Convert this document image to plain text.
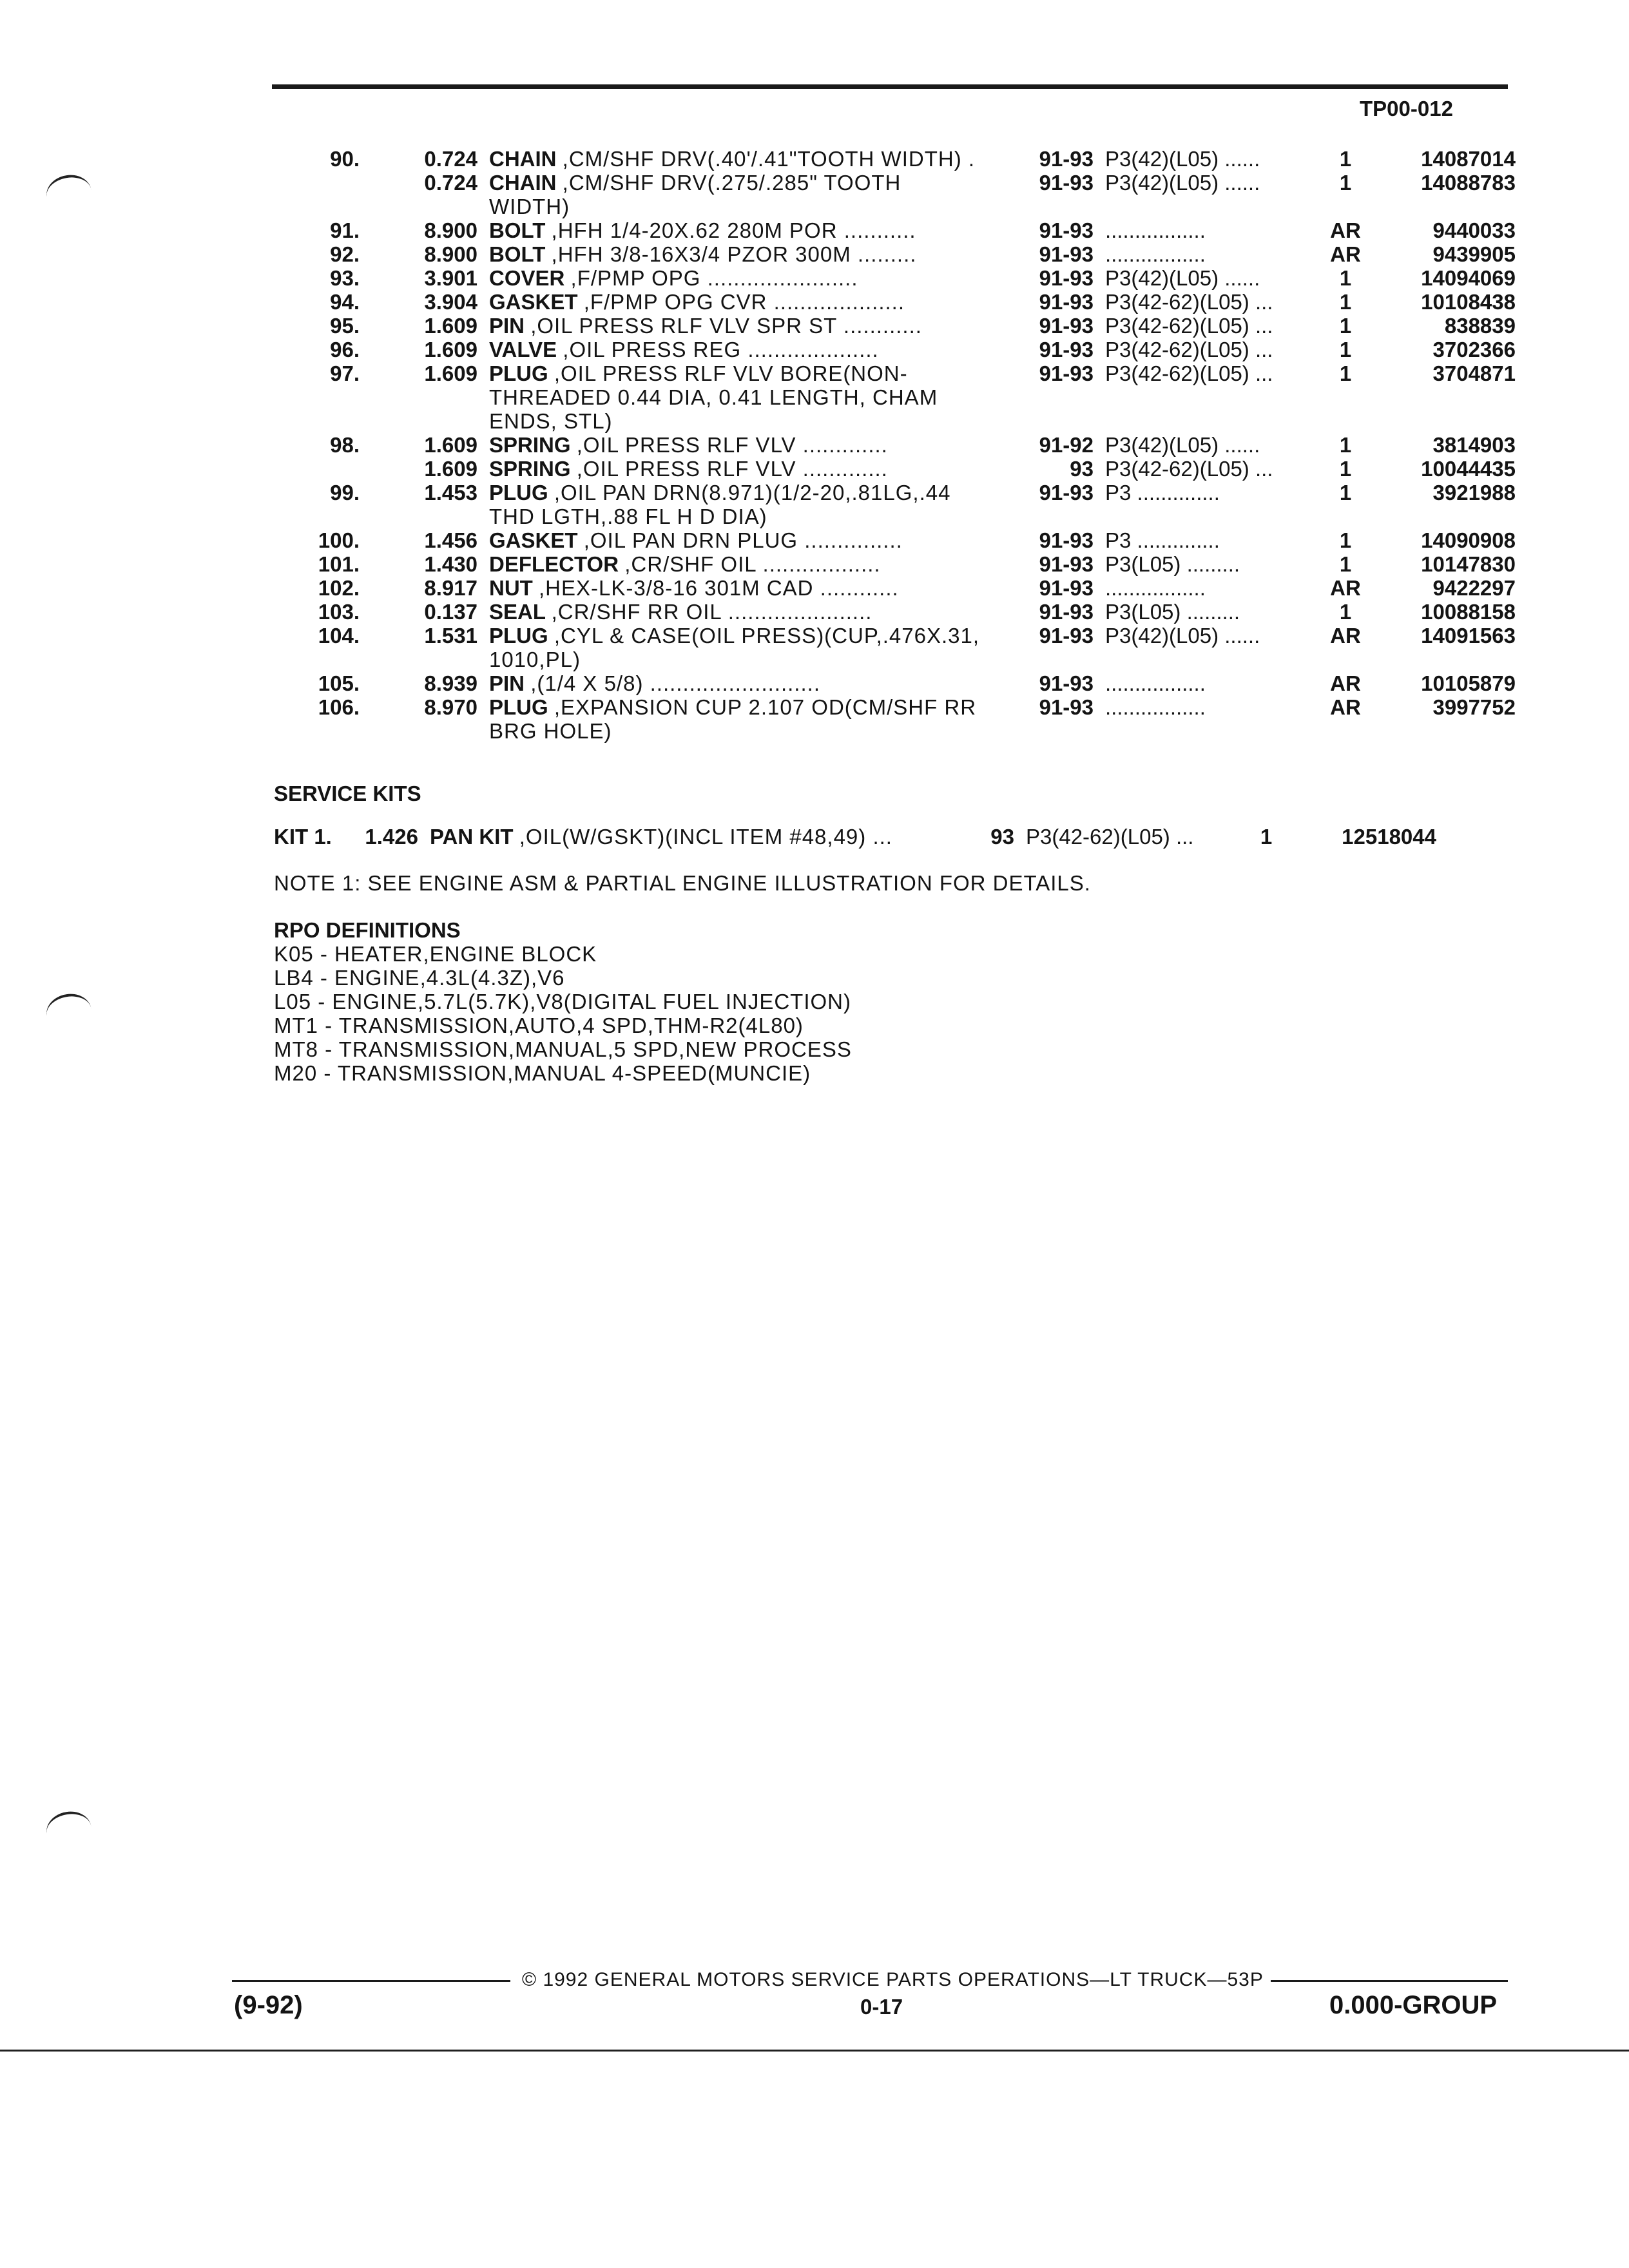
TP00-012
90.	0.724 CHAIN ,CM/SHF DRV(.40'/.41"TOOTH WIDTH) .	91-93 P3(42)(L05) ......	1	14087014
0.724 CHAIN ,CM/SHF DRV(.275/.285" TOOTH
WIDTH)
91-93 P3(42)(L05) ......	1	14088783
91.	8.900 BOLT ,HFH 1/4-20X.62 280M POR ...........	91-93 .................	AR	9440033
92.	8.900 BOLT ,HFH 3/8-16X3/4 PZOR 300M .........	91-93 .................	AR	9439905
93.	3.901 COVER ,F/PMP OPG .......................	91-93 P3(42)(L05) ......	1	14094069
94.	3.904 GASKET ,F/PMP OPG CVR ....................	91-93 P3(42-62)(L05) ...	1	10108438
95.	1.609 PIN ,OIL PRESS RLF VLV SPR ST ............	91-93 P3(42-62)(L05) ...	1	838839
96.	1.609 VALVE ,OIL PRESS REG ....................	91-93 P3(42-62)(L05) ...	1	3702366
97.	1.609 PLUG ,OIL PRESS RLF VLV BORE(NON-
THREADED 0.44 DIA, 0.41 LENGTH, CHAM
ENDS, STL)
91-93 P3(42-62)(L05) ...	1	3704871
98.	1.609 SPRING ,OIL PRESS RLF VLV .............	91-92 P3(42)(L05) ......	1	3814903
1.609 SPRING ,OIL PRESS RLF VLV .............	93 P3(42-62)(L05) ...	1	10044435
99.	1.453 PLUG ,OIL PAN DRN(8.971)(1/2-20,.81LG,.44
THD LGTH,.88 FL H D DIA)
91-93 P3 ..............	1	3921988
100.	1.456 GASKET ,OIL PAN DRN PLUG ...............	91-93 P3 ..............	1	14090908
101.	1.430 DEFLECTOR ,CR/SHF OIL ..................	91-93 P3(L05) .........	1	10147830
102.	8.917 NUT ,HEX-LK-3/8-16 301M CAD ............	91-93 .................	AR	9422297
103.	0.137 SEAL ,CR/SHF RR OIL ......................	91-93 P3(L05) .........	1	10088158
104.	1.531 PLUG ,CYL & CASE(OIL PRESS)(CUP,.476X.31,
1010,PL)
91-93 P3(42)(L05) ......	AR	14091563
105.	8.939 PIN ,(1/4 X 5/8) ..........................	91-93 .................	AR	10105879
106.	8.970 PLUG ,EXPANSION CUP 2.107 OD(CM/SHF RR
BRG HOLE)
91-93 .................	AR	3997752
SERVICE KITS
KIT 1.	1.426 PAN KIT ,OIL(W/GSKT)(INCL ITEM #48,49) ...	93 P3(42-62)(L05) ...	1	12518044
NOTE 1: SEE ENGINE ASM & PARTIAL ENGINE ILLUSTRATION FOR DETAILS.
RPO DEFINITIONS
K05 - HEATER,ENGINE BLOCK
LB4 - ENGINE,4.3L(4.3Z),V6
L05 - ENGINE,5.7L(5.7K),V8(DIGITAL FUEL INJECTION)
MT1 - TRANSMISSION,AUTO,4 SPD,THM-R2(4L80)
MT8 - TRANSMISSION,MANUAL,5 SPD,NEW PROCESS
M20 - TRANSMISSION,MANUAL 4-SPEED(MUNCIE)
© 1992 GENERAL MOTORS SERVICE PARTS OPERATIONS—LT TRUCK—53P
(9-92)	0-17	0.000-GROUP
